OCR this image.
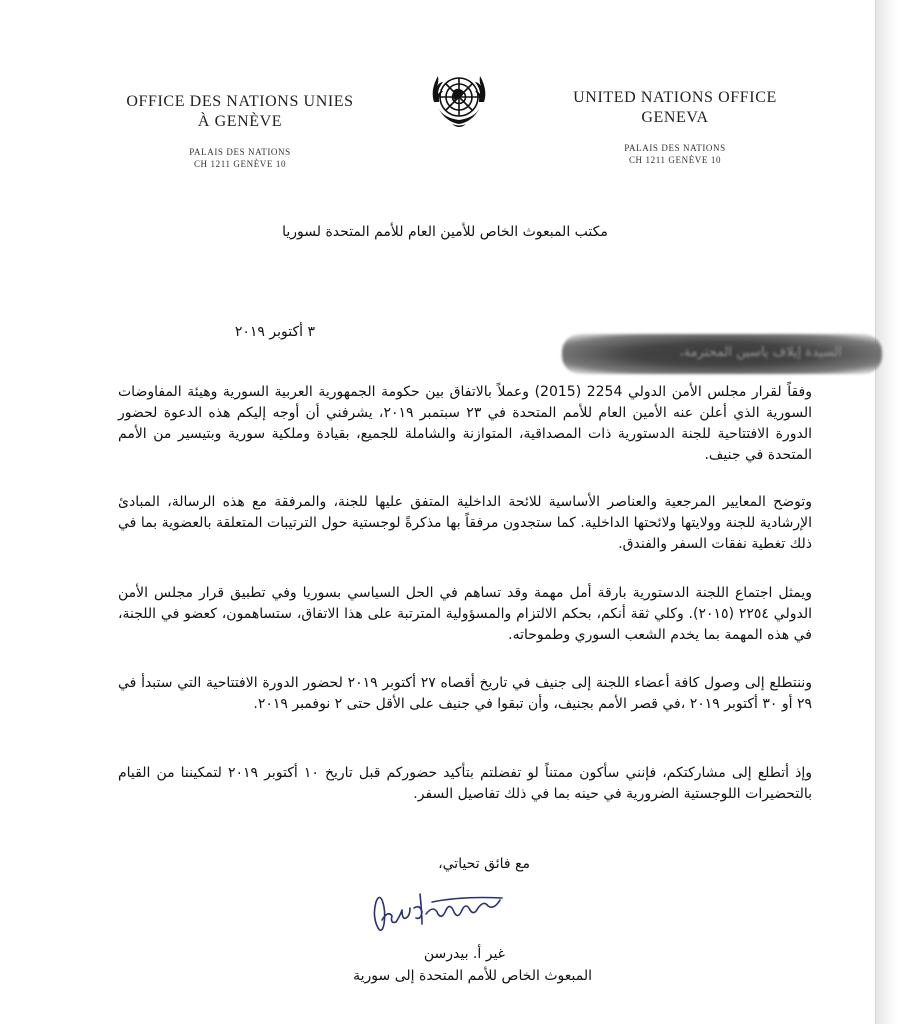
OFFICE DES NATIONS UNIES
À GENÈVE
PALAIS DES NATIONS
CH 1211 GENÈVE 10
UNITED NATIONS OFFICE
GENEVA
PALAIS DES NATIONS
CH 1211 GENÈVE 10
مكتب المبعوث الخاص للأمين العام للأمم المتحدة لسوريا
٣ أكتوبر ٢٠١٩
السيدة إيلاف ياسين المحترمة،
وفقاً لقرار مجلس الأمن الدولي 2254 (2015) وعملاً بالاتفاق بين حكومة الجمهورية العربية السورية وهيئة المفاوضات السورية الذي أعلن عنه الأمين العام للأمم المتحدة في ٢٣ سبتمبر ٢٠١٩، يشرفني أن أوجه إليكم هذه الدعوة لحضور الدورة الافتتاحية للجنة الدستورية ذات المصداقية، المتوازنة والشاملة للجميع، بقيادة وملكية سورية وبتيسير من الأمم المتحدة في جنيف.
وتوضح المعايير المرجعية والعناصر الأساسية للائحة الداخلية المتفق عليها للجنة، والمرفقة مع هذه الرسالة، المبادئ الإرشادية للجنة وولايتها ولائحتها الداخلية. كما ستجدون مرفقاً بها مذكرةً لوجستية حول الترتيبات المتعلقة بالعضوية بما في ذلك تغطية نفقات السفر والفندق.
ويمثل اجتماع اللجنة الدستورية بارقة أمل مهمة وقد تساهم في الحل السياسي بسوريا وفي تطبيق قرار مجلس الأمن الدولي ٢٢٥٤ (٢٠١٥). وكلي ثقة أنكم، بحكم الالتزام والمسؤولية المترتبة على هذا الاتفاق، ستساهمون، كعضو في اللجنة، في هذه المهمة بما يخدم الشعب السوري وطموحاته.
وننتطلع إلى وصول كافة أعضاء اللجنة إلى جنيف في تاريخ أقصاه ٢٧ أكتوبر ٢٠١٩ لحضور الدورة الافتتاحية التي ستبدأ في ٢٩ أو ٣٠ أكتوبر ٢٠١٩ ،في قصر الأمم بجنيف، وأن تبقوا في جنيف على الأقل حتى ٢ نوفمبر ٢٠١٩.
وإذ أتطلع إلى مشاركتكم، فإنني سأكون ممتناً لو تفضلتم بتأكيد حضوركم قبل تاريخ ١٠ أكتوبر ٢٠١٩ لتمكيننا من القيام بالتحضيرات اللوجستية الضرورية في حينه بما في ذلك تفاصيل السفر.
مع فائق تحياتي،
غير أ. بيدرسن
المبعوث الخاص للأمم المتحدة إلى سورية
